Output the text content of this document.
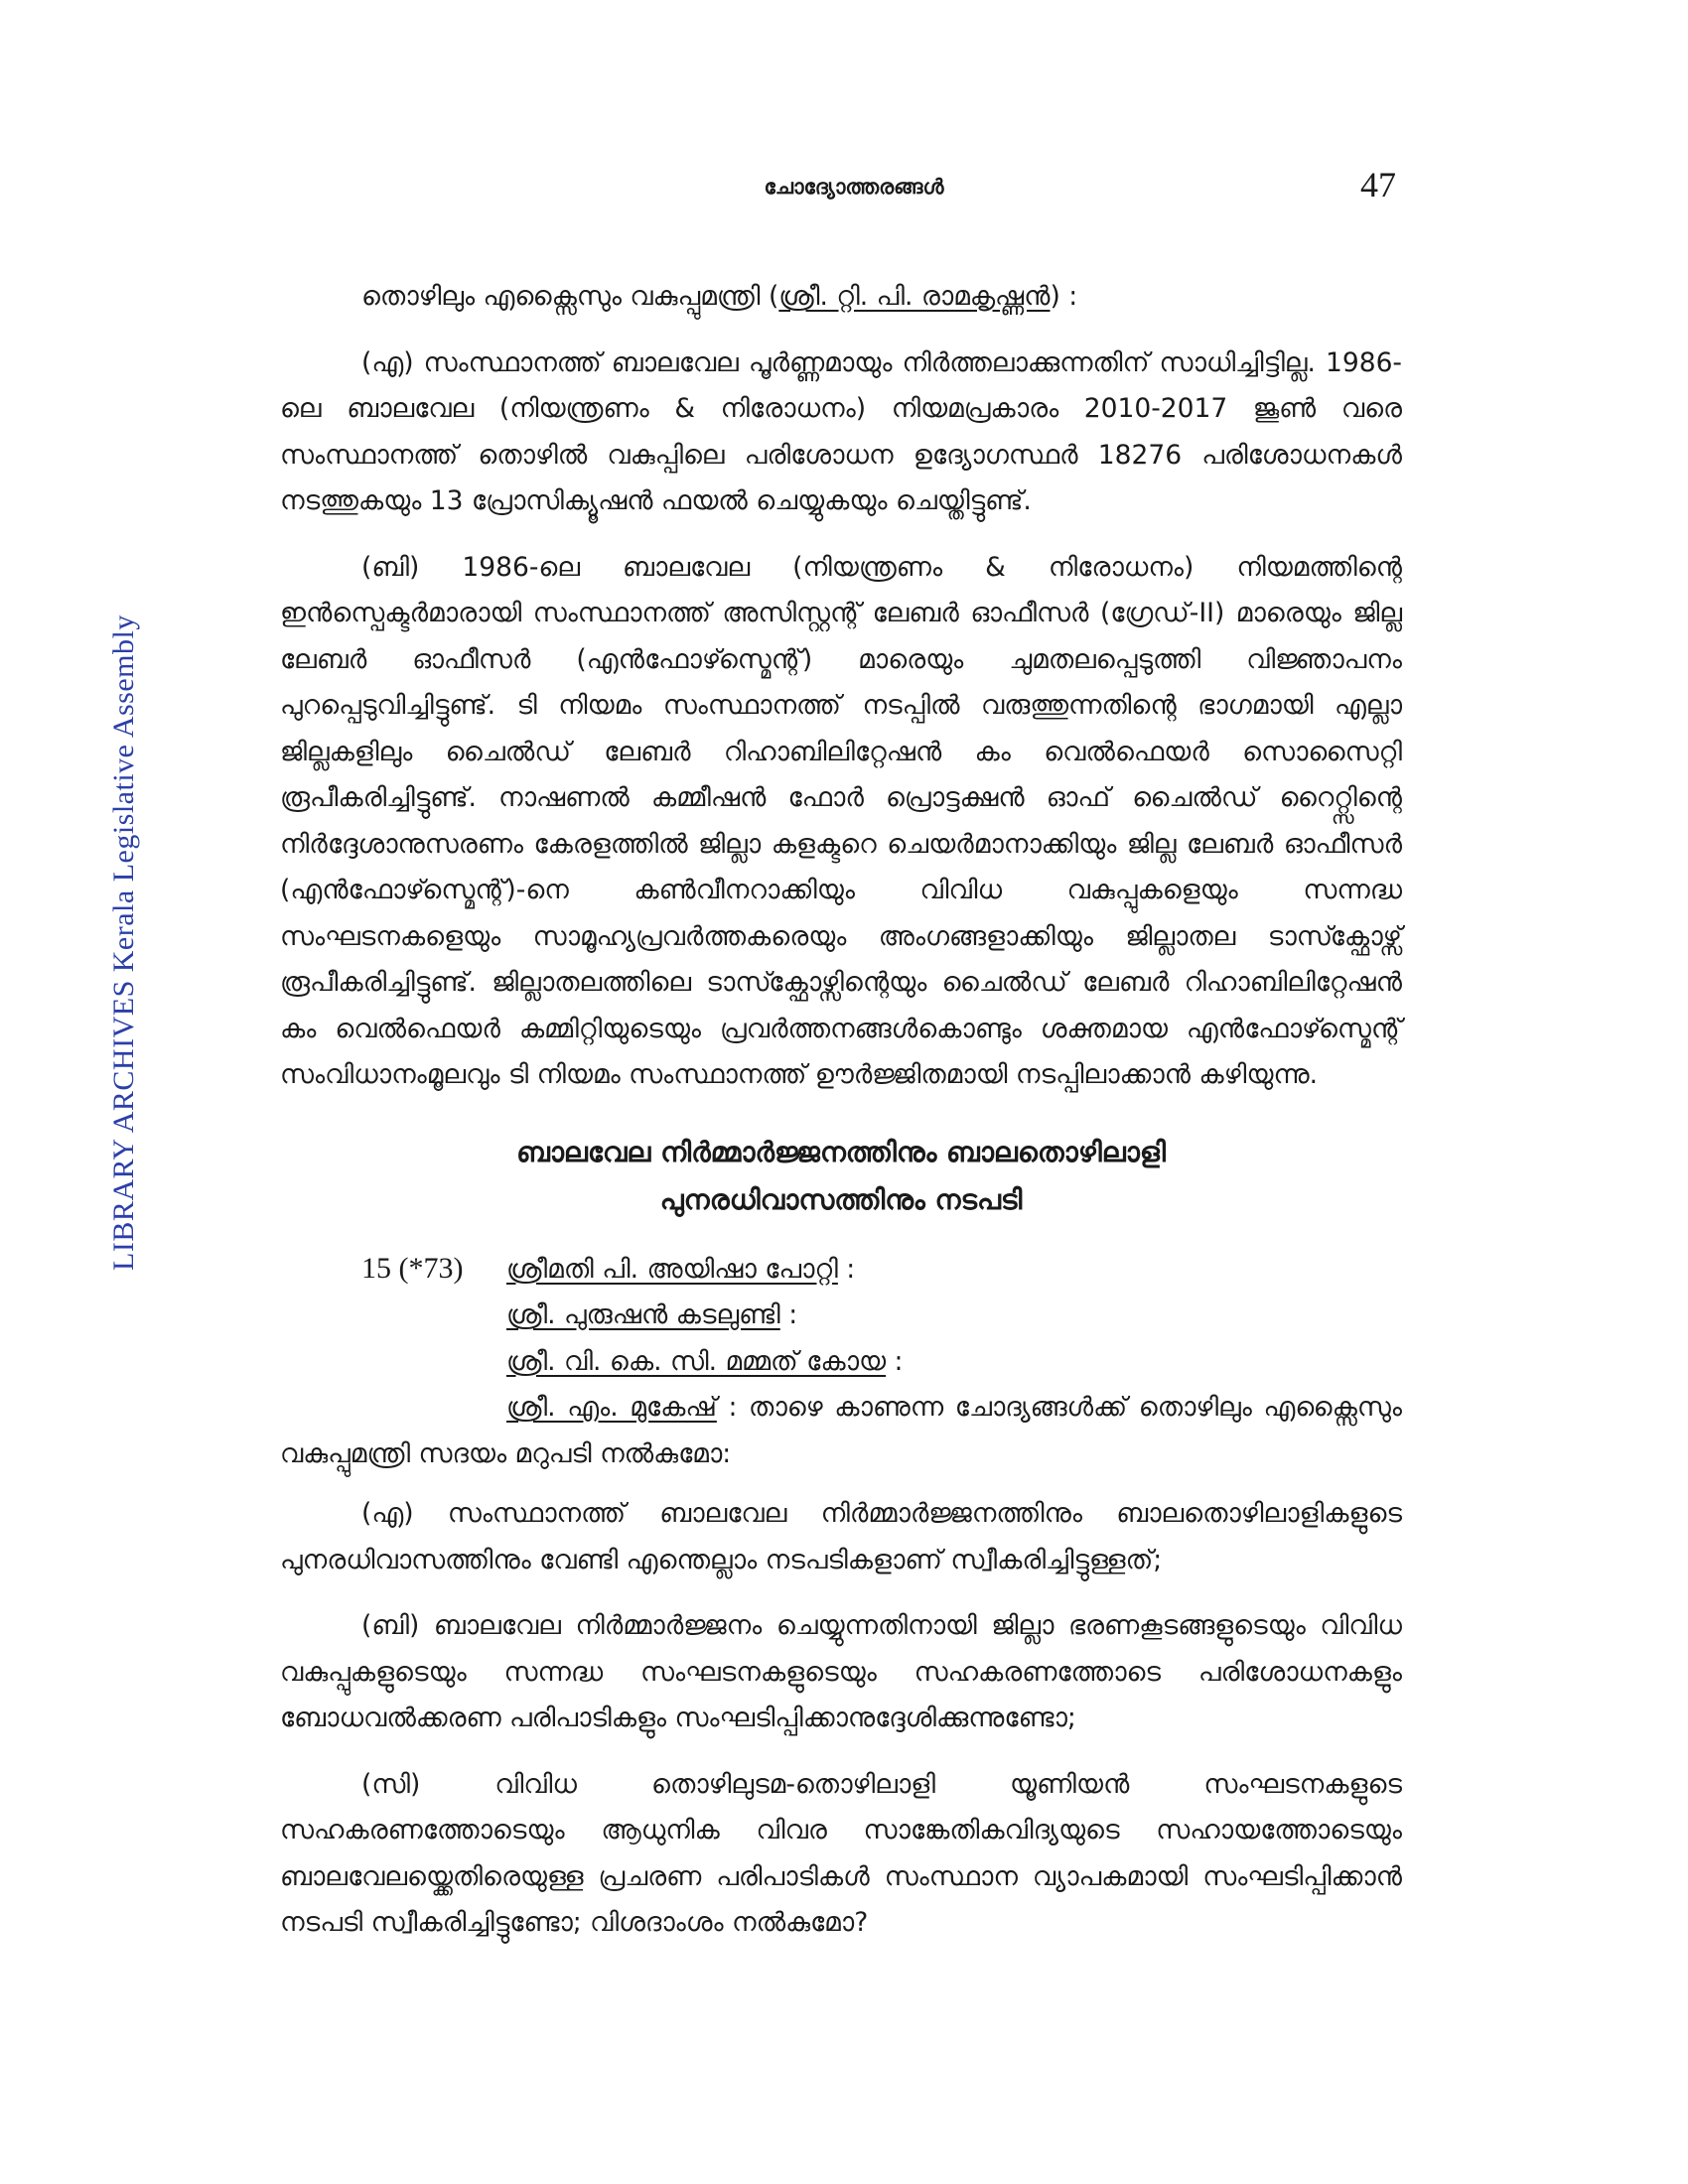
ചോദ്യോത്തരങ്ങൾ	47
LIBRARY ARCHIVES Kerala Legislative Assembly

തൊഴിലും എക്സൈസും വകുപ്പുമന്ത്രി (ശ്രീ. റ്റി. പി. രാമകൃഷ്ണൻ) :

(എ) സംസ്ഥാനത്ത് ബാലവേല പൂർണ്ണമായും നിർത്തലാക്കുന്നതിന് സാധിച്ചിട്ടില്ല. 1986-ലെ ബാലവേല (നിയന്ത്രണം & നിരോധനം) നിയമപ്രകാരം 2010-2017 ജൂൺ വരെ സംസ്ഥാനത്ത് തൊഴിൽ വകുപ്പിലെ പരിശോധന ഉദ്യോഗസ്ഥർ 18276 പരിശോധനകൾ നടത്തുകയും 13 പ്രോസിക്യൂഷൻ ഫയൽ ചെയ്യുകയും ചെയ്തിട്ടുണ്ട്.

(ബി) 1986-ലെ ബാലവേല (നിയന്ത്രണം & നിരോധനം) നിയമത്തിന്റെ ഇൻസ്പെക്ടർമാരായി സംസ്ഥാനത്ത് അസിസ്റ്റന്റ് ലേബർ ഓഫീസർ (ഗ്രേഡ്-II) മാരെയും ജില്ല ലേബർ ഓഫീസർ (എൻഫോഴ്സ്മെന്റ്) മാരെയും ചുമതലപ്പെടുത്തി വിജ്ഞാപനം പുറപ്പെടുവിച്ചിട്ടുണ്ട്. ടി നിയമം സംസ്ഥാനത്ത് നടപ്പിൽ വരുത്തുന്നതിന്റെ ഭാഗമായി എല്ലാ ജില്ലകളിലും ചൈൽഡ് ലേബർ റിഹാബിലിറ്റേഷൻ കം വെൽഫെയർ സൊസൈറ്റി രൂപീകരിച്ചിട്ടുണ്ട്. നാഷണൽ കമ്മീഷൻ ഫോർ പ്രൊട്ടക്ഷൻ ഓഫ് ചൈൽഡ് റൈറ്റ്സിന്റെ നിർദ്ദേശാനുസരണം കേരളത്തിൽ ജില്ലാ കളക്ടറെ ചെയർമാനാക്കിയും ജില്ല ലേബർ ഓഫീസർ (എൻഫോഴ്സ്മെന്റ്)-നെ കൺവീനറാക്കിയും വിവിധ വകുപ്പുകളെയും സന്നദ്ധ സംഘടനകളെയും സാമൂഹ്യപ്രവർത്തകരെയും അംഗങ്ങളാക്കിയും ജില്ലാതല ടാസ്ക്ഫോഴ്സ് രൂപീകരിച്ചിട്ടുണ്ട്. ജില്ലാതലത്തിലെ ടാസ്ക്ഫോഴ്സിന്റെയും ചൈൽഡ് ലേബർ റിഹാബിലിറ്റേഷൻ കം വെൽഫെയർ കമ്മിറ്റിയുടെയും പ്രവർത്തനങ്ങൾകൊണ്ടും ശക്തമായ എൻഫോഴ്സ്മെന്റ് സംവിധാനംമൂലവും ടി നിയമം സംസ്ഥാനത്ത് ഊർജ്ജിതമായി നടപ്പിലാക്കാൻ കഴിയുന്നു.

ബാലവേല നിർമ്മാർജ്ജനത്തിനും ബാലതൊഴിലാളി
പുനരധിവാസത്തിനും നടപടി
15 (*73) ശ്രീമതി പി. അയിഷാ പോറ്റി :
ശ്രീ. പുരുഷൻ കടലുണ്ടി :
ശ്രീ. വി. കെ. സി. മമ്മത് കോയ :
ശ്രീ. എം. മുകേഷ് : താഴെ കാണുന്ന ചോദ്യങ്ങൾക്ക് തൊഴിലും എക്സൈസും വകുപ്പുമന്ത്രി സദയം മറുപടി നൽകുമോ:

(എ) സംസ്ഥാനത്ത് ബാലവേല നിർമ്മാർജ്ജനത്തിനും ബാലതൊഴിലാളികളുടെ പുനരധിവാസത്തിനും വേണ്ടി എന്തെല്ലാം നടപടികളാണ് സ്വീകരിച്ചിട്ടുള്ളത്;

(ബി) ബാലവേല നിർമ്മാർജ്ജനം ചെയ്യുന്നതിനായി ജില്ലാ ഭരണകൂടങ്ങളുടെയും വിവിധ വകുപ്പുകളുടെയും സന്നദ്ധ സംഘടനകളുടെയും സഹകരണത്തോടെ പരിശോധനകളും ബോധവൽക്കരണ പരിപാടികളും സംഘടിപ്പിക്കാനുദ്ദേശിക്കുന്നുണ്ടോ;

(സി) വിവിധ തൊഴിലുടമ-തൊഴിലാളി യൂണിയൻ സംഘടനകളുടെ സഹകരണത്തോടെയും ആധുനിക വിവര സാങ്കേതികവിദ്യയുടെ സഹായത്തോടെയും ബാലവേലയ്ക്കെതിരെയുള്ള പ്രചരണ പരിപാടികൾ സംസ്ഥാന വ്യാപകമായി സംഘടിപ്പിക്കാൻ നടപടി സ്വീകരിച്ചിട്ടുണ്ടോ; വിശദാംശം നൽകുമോ?
